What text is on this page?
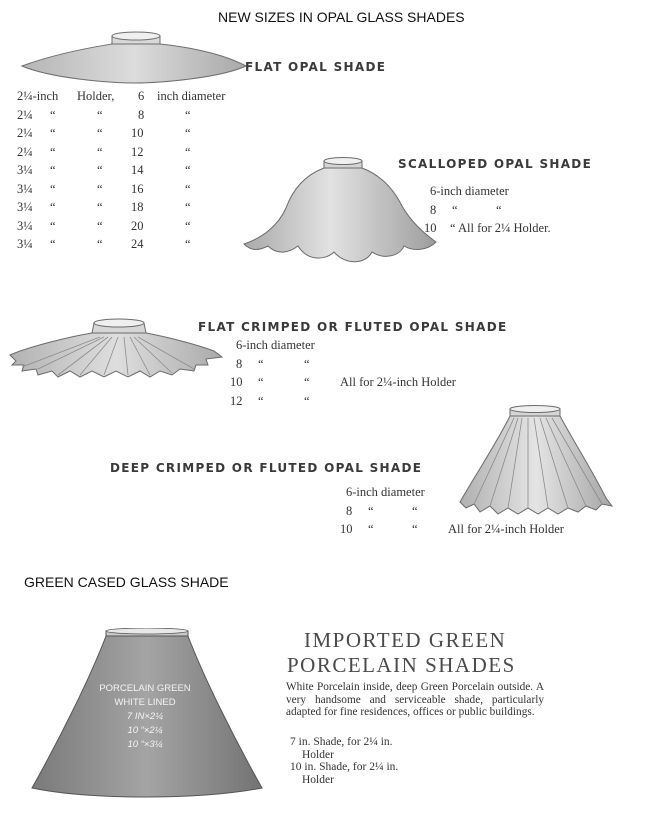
NEW SIZES IN OPAL GLASS SHADES
FLAT OPAL SHADE
2¼-inch Holder, 6 inch diameter
2¼ “	“	8	“
2¼ “	“ 10	“
2¼ “	“ 12	“
3¼ “	“ 14	“
3¼ “	“ 16	“
3¼ “	“ 18	“
3¼ “	“ 20	“
3¼ “	“ 24	“
SCALLOPED OPAL SHADE
6-inch diameter
8 “	“
10 “ All for 2¼ Holder.
FLAT CRIMPED OR FLUTED OPAL SHADE
6-inch diameter
8 “	“
10 “	“ All for 2¼-inch Holder
12 “	“
DEEP CRIMPED OR FLUTED OPAL SHADE
6-inch diameter
8 “	“
10 “	“ All for 2¼-inch Holder
GREEN CASED GLASS SHADE
PORCELAIN GREEN
WHITE LINED
7 IN×2¼
10 “×2¼
10 “×3¼
IMPORTED GREEN
PORCELAIN SHADES
White Porcelain inside, deep Green Porcelain outside. A very handsome and serviceable shade, particularly adapted for fine residences, offices or public buildings.
7 in. Shade, for 2¼ in.
Holder
10 in. Shade, for 2¼ in.
Holder
